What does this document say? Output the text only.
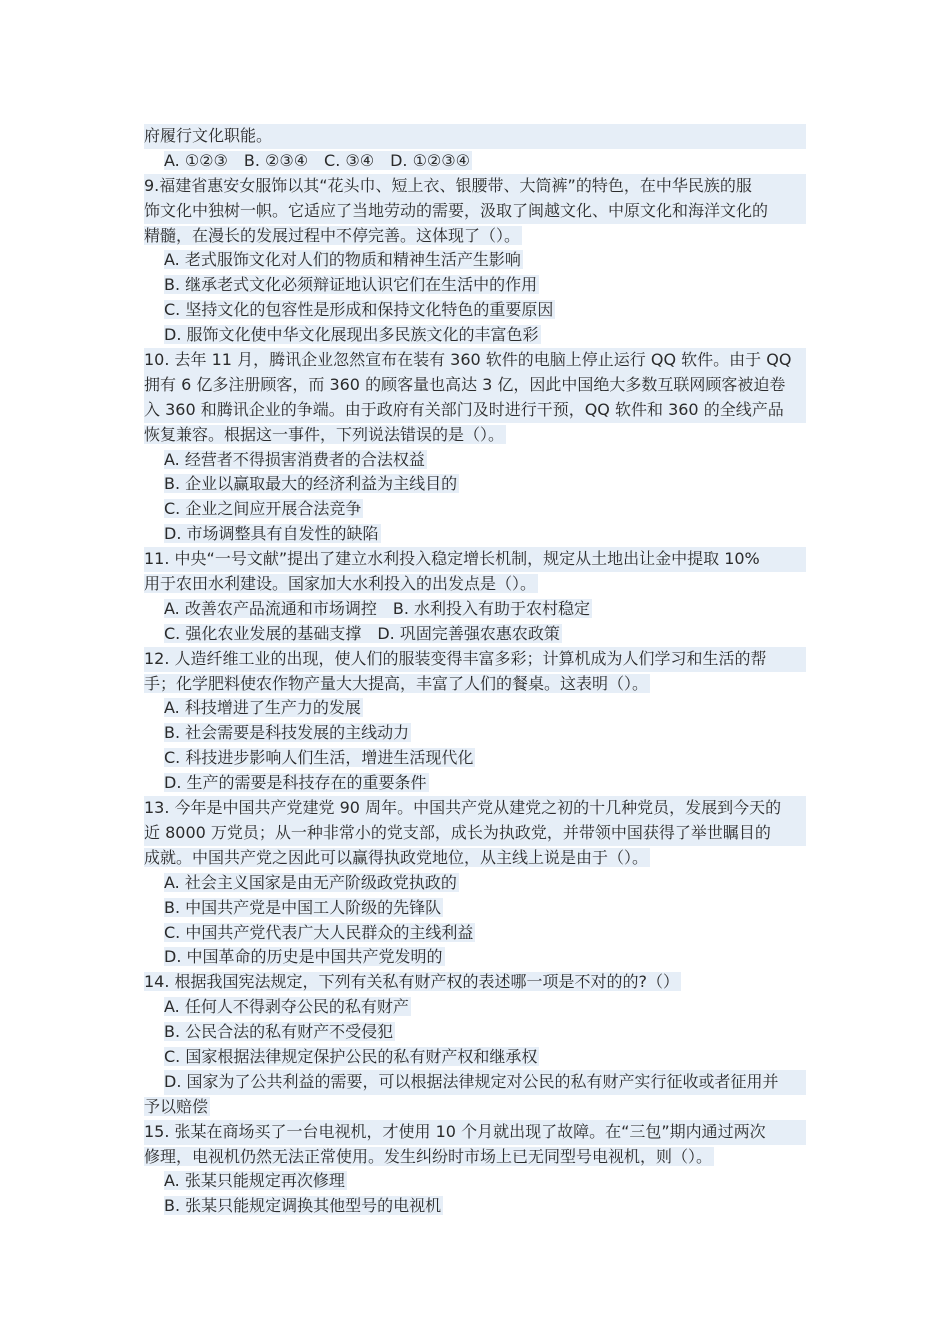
府履行文化职能。
A. ①②③　B. ②③④　C. ③④　D. ①②③④
9.福建省惠安女服饰以其“花头巾、短上衣、银腰带、大筒裤”的特色，在中华民族的服
饰文化中独树一帜。它适应了当地劳动的需要，汲取了闽越文化、中原文化和海洋文化的
精髓，在漫长的发展过程中不停完善。这体现了（）。
A. 老式服饰文化对人们的物质和精神生活产生影响
B. 继承老式文化必须辩证地认识它们在生活中的作用
C. 坚持文化的包容性是形成和保持文化特色的重要原因
D. 服饰文化使中华文化展现出多民族文化的丰富色彩
10. 去年 11 月，腾讯企业忽然宣布在装有 360 软件的电脑上停止运行 QQ 软件。由于 QQ
拥有 6 亿多注册顾客，而 360 的顾客量也高达 3 亿，因此中国绝大多数互联网顾客被迫卷
入 360 和腾讯企业的争端。由于政府有关部门及时进行干预，QQ 软件和 360 的全线产品
恢复兼容。根据这一事件，下列说法错误的是（）。
A. 经营者不得损害消费者的合法权益
B. 企业以赢取最大的经济利益为主线目的
C. 企业之间应开展合法竞争
D. 市场调整具有自发性的缺陷
11. 中央“一号文献”提出了建立水利投入稳定增长机制，规定从土地出让金中提取 10%
用于农田水利建设。国家加大水利投入的出发点是（）。
A. 改善农产品流通和市场调控　B. 水利投入有助于农村稳定
C. 强化农业发展的基础支撑　D. 巩固完善强农惠农政策
12. 人造纤维工业的出现，使人们的服装变得丰富多彩；计算机成为人们学习和生活的帮
手；化学肥料使农作物产量大大提高，丰富了人们的餐桌。这表明（）。
A. 科技增进了生产力的发展
B. 社会需要是科技发展的主线动力
C. 科技进步影响人们生活，增进生活现代化
D. 生产的需要是科技存在的重要条件
13. 今年是中国共产党建党 90 周年。中国共产党从建党之初的十几种党员，发展到今天的
近 8000 万党员；从一种非常小的党支部，成长为执政党，并带领中国获得了举世瞩目的
成就。中国共产党之因此可以赢得执政党地位，从主线上说是由于（）。
A. 社会主义国家是由无产阶级政党执政的
B. 中国共产党是中国工人阶级的先锋队
C. 中国共产党代表广大人民群众的主线利益
D. 中国革命的历史是中国共产党发明的
14. 根据我国宪法规定，下列有关私有财产权的表述哪一项是不对的的?（）
A. 任何人不得剥夺公民的私有财产
B. 公民合法的私有财产不受侵犯
C. 国家根据法律规定保护公民的私有财产权和继承权
D. 国家为了公共利益的需要，可以根据法律规定对公民的私有财产实行征收或者征用并
予以赔偿
15. 张某在商场买了一台电视机，才使用 10 个月就出现了故障。在“三包”期内通过两次
修理，电视机仍然无法正常使用。发生纠纷时市场上已无同型号电视机，则（）。
A. 张某只能规定再次修理
B. 张某只能规定调换其他型号的电视机
